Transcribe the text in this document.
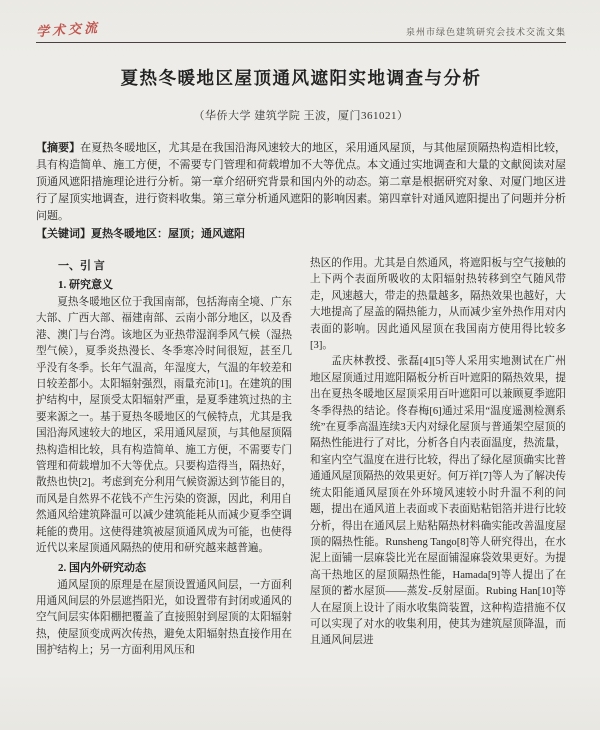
学术交流	泉州市绿色建筑研究会技术交流文集
夏热冬暖地区屋顶通风遮阳实地调查与分析
（华侨大学 建筑学院 王波，厦门361021）
【摘要】在夏热冬暖地区，尤其是在我国沿海风速较大的地区，采用通风屋顶，与其他屋顶隔热构造相比较，具有构造简单、施工方便，不需要专门管理和荷载增加不大等优点。本文通过实地调查和大量的文献阅读对屋顶通风遮阳措施理论进行分析。第一章介绍研究背景和国内外的动态。第二章是根据研究对象、对厦门地区进行了屋顶实地调查，进行资料收集。第三章分析通风遮阳的影响因素。第四章针对通风遮阳提出了问题并分析问题。
【关键词】夏热冬暖地区：屋顶；通风遮阳
一、引 言
1. 研究意义

夏热冬暖地区位于我国南部，包括海南全境、广东大部、广西大部、福建南部、云南小部分地区，以及香港、澳门与台湾。该地区为亚热带湿润季风气候（湿热型气候），夏季炎热漫长、冬季寒冷时间很短，甚至几乎没有冬季。长年气温高，年湿度大，气温的年较差和日较差都小。太阳辐射强烈，雨量充沛[1]。在建筑的围护结构中，屋顶受太阳辐射严重，是夏季建筑过热的主要来源之一。基于夏热冬暖地区的气候特点，尤其是我国沿海风速较大的地区，采用通风屋顶，与其他屋顶隔热构造相比较，具有构造简单、施工方便，不需要专门管理和荷载增加不大等优点。只要构造得当，隔热好，散热也快[2]。考虑到充分利用气候资源达到节能目的，而风是自然界不花钱不产生污染的资源，因此，利用自然通风给建筑降温可以减少建筑能耗从而减少夏季空调耗能的费用。这使得建筑被屋顶通风成为可能，也使得近代以来屋顶通风隔热的使用和研究越来越普遍。

2. 国内外研究动态

通风屋顶的原理是在屋顶设置通风间层，一方面利用通风间层的外层遮挡阳光，如设置带有封闭或通风的空气间层实体阳棚把覆盖了直接照射到屋顶的太阳辐射热，使屋顶变成两次传热，避免太阳辐射热直接作用在围护结构上；另一方面利用风压和

热区的作用。尤其是自然通风，将遮阳板与空气接触的上下两个表面所吸收的太阳辐射热转移到空气随风带走，风速越大，带走的热量越多，隔热效果也越好，大大地提高了屋盖的隔热能力，从而减少室外热作用对内表面的影响。因此通风屋顶在我国南方使用得比较多[3]。

孟庆林教授、张磊[4][5]等人采用实地测试在广州地区屋顶通过用遮阳隔板分析百叶遮阳的隔热效果，提出在夏热冬暖地区屋顶采用百叶遮阳可以兼顾夏季遮阳冬季得热的结论。佟春梅[6]通过采用“温度遥测检测系统”在夏季高温连续3天内对绿化屋顶与普通架空屋顶的隔热性能进行了对比，分析各自内表面温度，热流量，和室内空气温度在进行比较，得出了绿化屋顶确实比普通通风屋顶隔热的效果更好。何万祥[7]等人为了解决传统太阳能通风屋顶在外环境风速较小时升温不利的问题，提出在通风道上表面或下表面贴粘铝箔并进行比较分析，得出在通风层上贴粘隔热材料确实能改善温度屋顶的隔热性能。Runsheng Tango[8]等人研究得出，在水泥上面铺一层麻袋比光在屋面铺湿麻袋效果更好。为提高干热地区的屋顶隔热性能，Hamada[9]等人提出了在屋顶的蓄水屋顶——蒸发-反射屋面。Rubing Han[10]等人在屋顶上设计了雨水收集筒装置，这种构造措施不仅可以实现了对水的收集利用，使其为建筑屋顶降温，而且通风间层进
